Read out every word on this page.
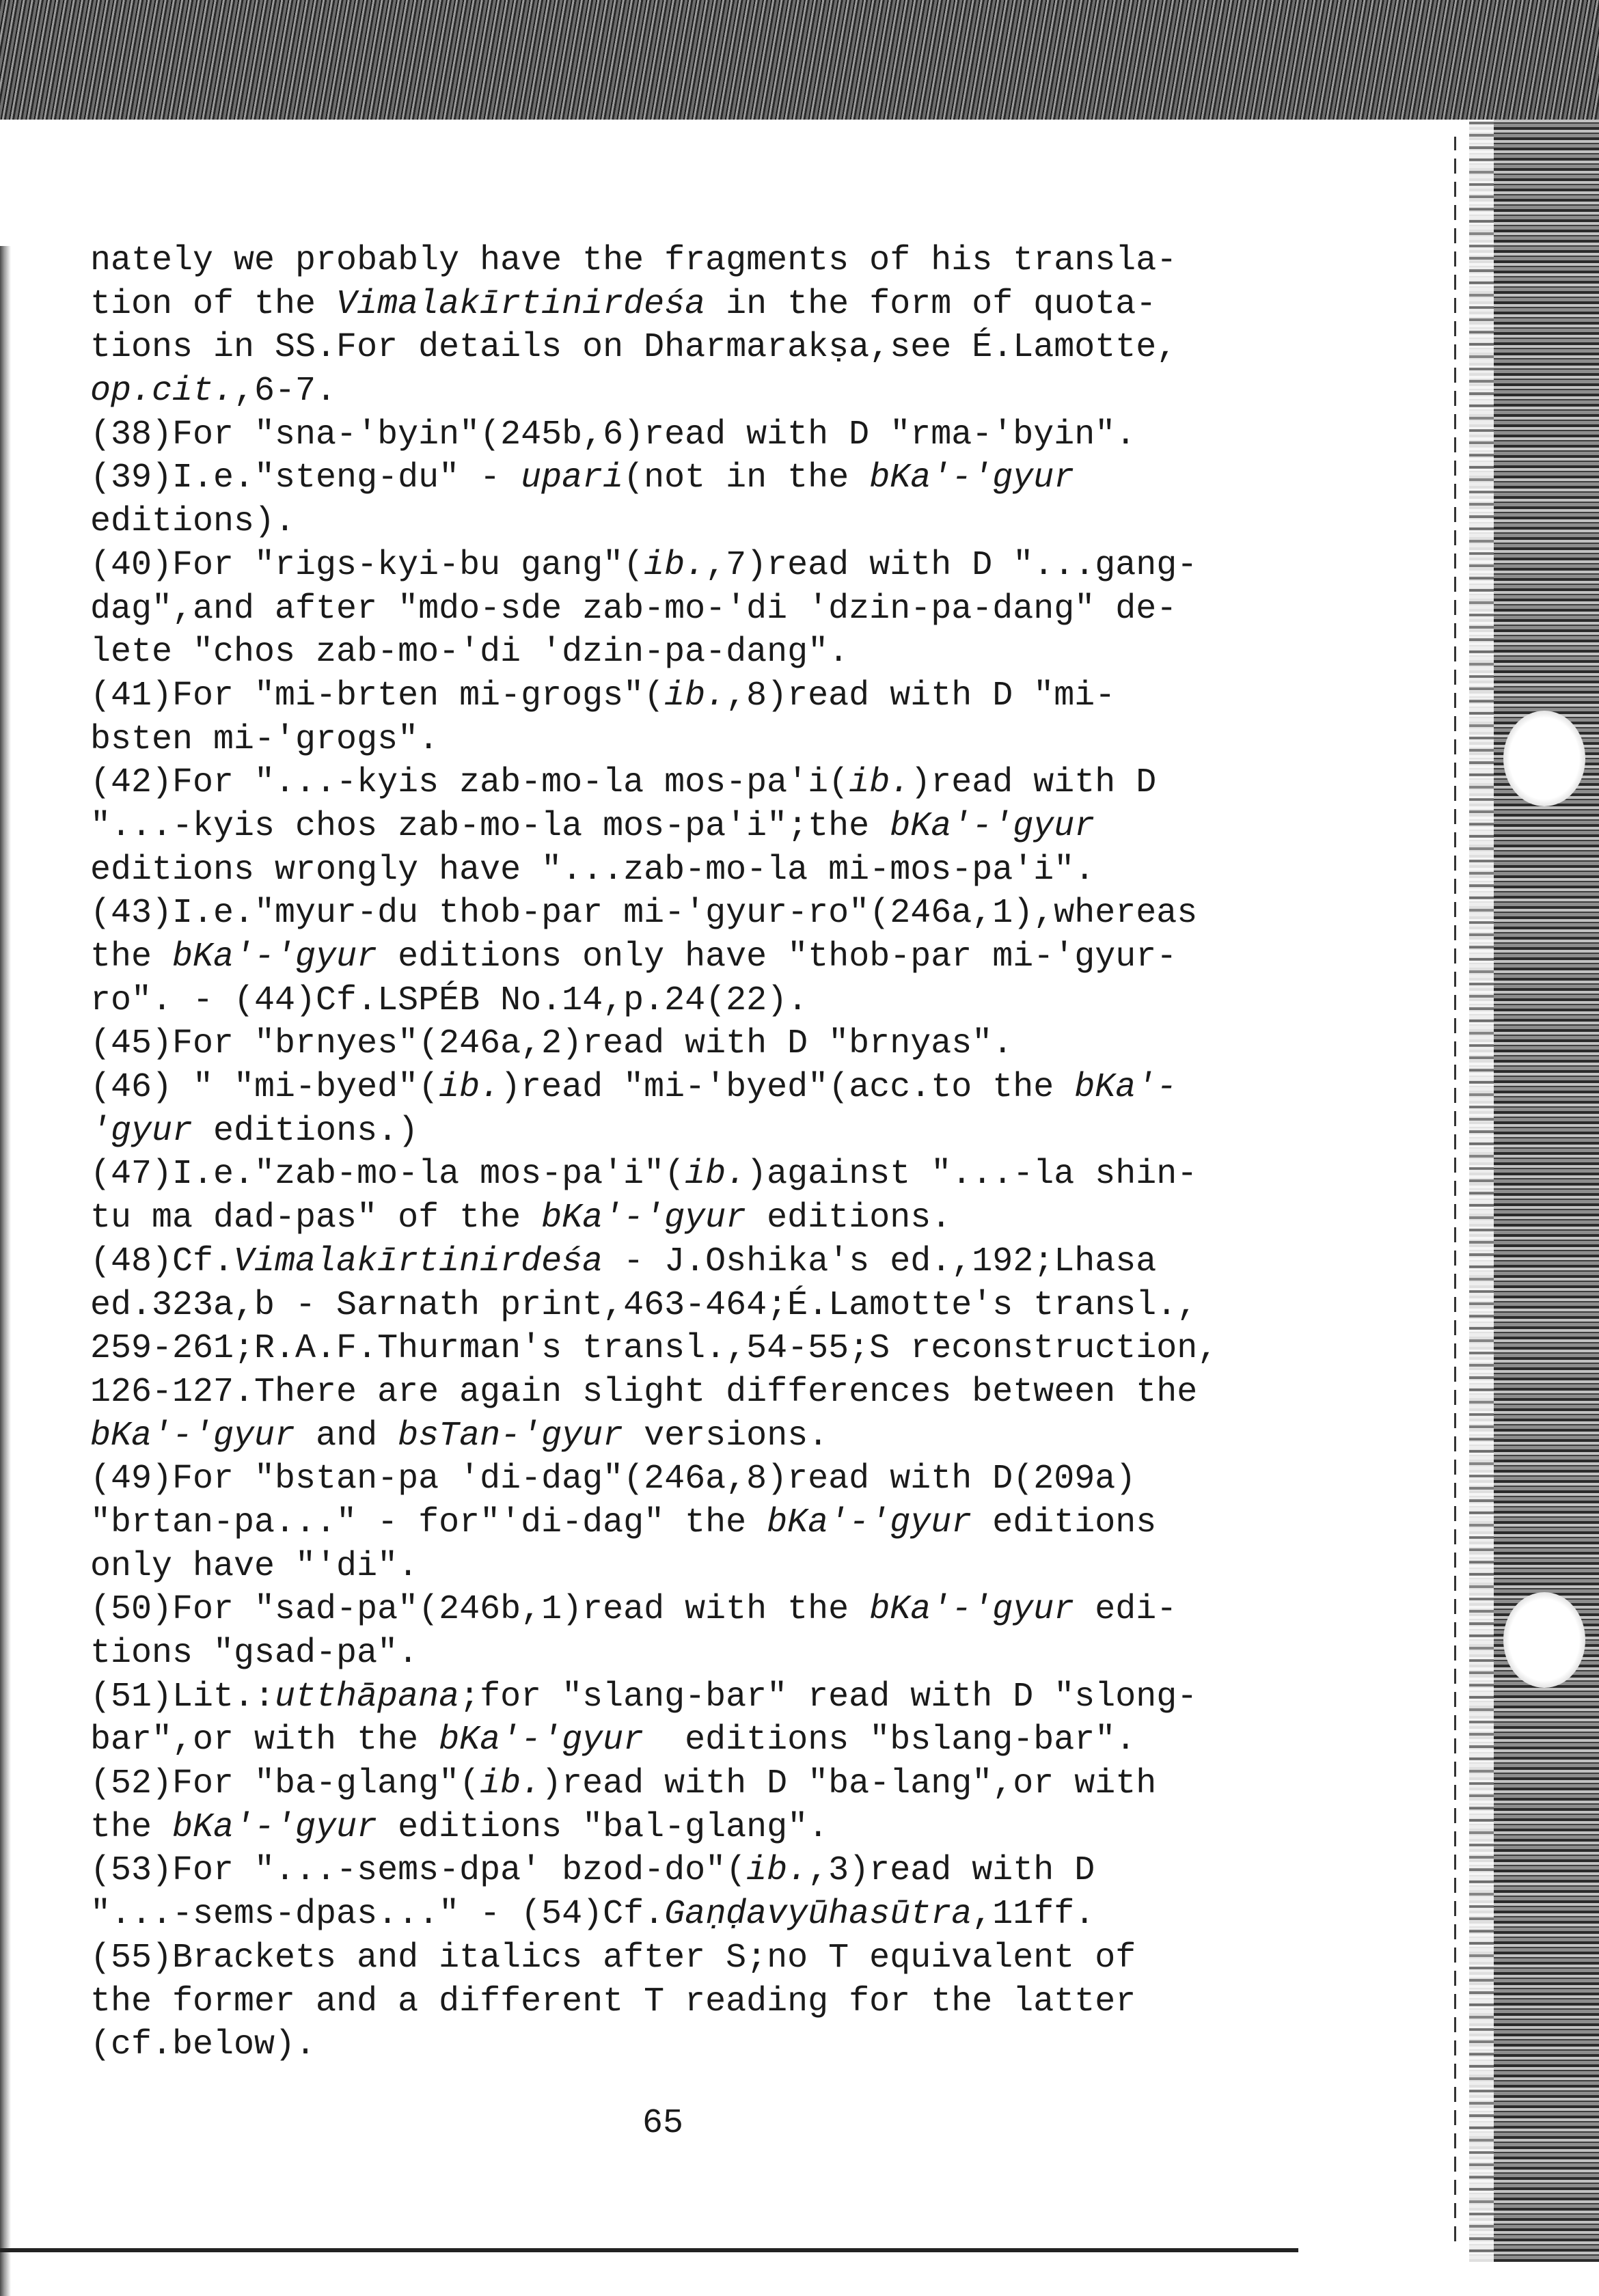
nately we probably have the fragments of his transla-
tion of the Vimalakīrtinirdeśa in the form of quota-
tions in SS.For details on Dharmarakṣa,see É.Lamotte,
op.cit.,6-7.
(38)For "sna-'byin"(245b,6)read with D "rma-'byin".
(39)I.e."steng-du" - upari(not in the bKa'-'gyur
editions).
(40)For "rigs-kyi-bu gang"(ib.,7)read with D "...gang-
dag",and after "mdo-sde zab-mo-'di 'dzin-pa-dang" de-
lete "chos zab-mo-'di 'dzin-pa-dang".
(41)For "mi-brten mi-grogs"(ib.,8)read with D "mi-
bsten mi-'grogs".
(42)For "...-kyis zab-mo-la mos-pa'i(ib.)read with D
"...-kyis chos zab-mo-la mos-pa'i";the bKa'-'gyur
editions wrongly have "...zab-mo-la mi-mos-pa'i".
(43)I.e."myur-du thob-par mi-'gyur-ro"(246a,1),whereas
the bKa'-'gyur editions only have "thob-par mi-'gyur-
ro". - (44)Cf.LSPÉB No.14,p.24(22).
(45)For "brnyes"(246a,2)read with D "brnyas".
(46) " "mi-byed"(ib.)read "mi-'byed"(acc.to the bKa'-
'gyur editions.)
(47)I.e."zab-mo-la mos-pa'i"(ib.)against "...-la shin-
tu ma dad-pas" of the bKa'-'gyur editions.
(48)Cf.Vimalakīrtinirdeśa - J.Oshika's ed.,192;Lhasa
ed.323a,b - Sarnath print,463-464;É.Lamotte's transl.,
259-261;R.A.F.Thurman's transl.,54-55;S reconstruction,
126-127.There are again slight differences between the
bKa'-'gyur and bsTan-'gyur versions.
(49)For "bstan-pa 'di-dag"(246a,8)read with D(209a)
"brtan-pa..." - for"'di-dag" the bKa'-'gyur editions
only have "'di".
(50)For "sad-pa"(246b,1)read with the bKa'-'gyur edi-
tions "gsad-pa".
(51)Lit.:utthāpana;for "slang-bar" read with D "slong-
bar",or with the bKa'-'gyur  editions "bslang-bar".
(52)For "ba-glang"(ib.)read with D "ba-lang",or with
the bKa'-'gyur editions "bal-glang".
(53)For "...-sems-dpa' bzod-do"(ib.,3)read with D
"...-sems-dpas..." - (54)Cf.Gaṇḍavyūhasūtra,11ff.
(55)Brackets and italics after S;no T equivalent of
the former and a different T reading for the latter
(cf.below).
65
